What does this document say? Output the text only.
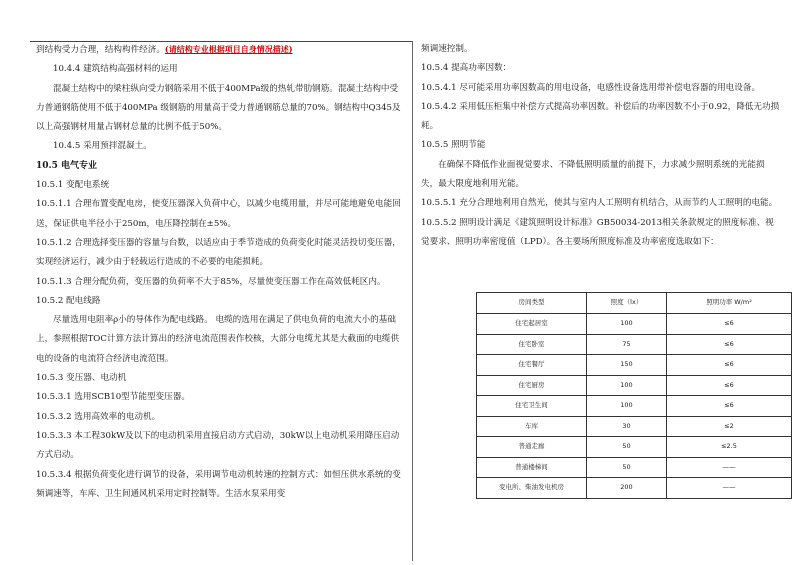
到结构受力合理，结构构件经济。(请结构专业根据项目自身情况描述)

10.4.4 建筑结构高强材料的运用

混凝土结构中的梁柱纵向受力钢筋采用不低于400MPa级的热轧带肋钢筋。混凝土结构中受力普通钢筋使用不低于400MPa 级钢筋的用量高于受力普通钢筋总量的70%。钢结构中Q345及以上高强钢材用量占钢材总量的比例不低于50%。

10.4.5 采用预拌混凝土。

10.5 电气专业

10.5.1 变配电系统

10.5.1.1 合理布置变配电房，使变压器深入负荷中心，以减少电缆用量，并尽可能地避免电能回送，保证供电半径小于250m，电压降控制在±5%。

10.5.1.2 合理选择变压器的容量与台数，以适应由于季节造成的负荷变化时能灵活投切变压器，实现经济运行，减少由于轻载运行造成的不必要的电能损耗。

10.5.1.3 合理分配负荷，变压器的负荷率不大于85%，尽量使变压器工作在高效低耗区内。

10.5.2 配电线路

尽量选用电阻率ρ小的导体作为配电线路。 电缆的选用在满足了供电负荷的电流大小的基础上，参照根据TOC计算方法计算出的经济电流范围表作校核，大部分电缆尤其是大截面的电缆供电的设备的电流符合经济电流范围。

10.5.3 变压器、电动机

10.5.3.1 选用SCB10型节能型变压器。

10.5.3.2 选用高效率的电动机。

10.5.3.3 本工程30kW及以下的电动机采用直接启动方式启动，30kW以上电动机采用降压启动方式启动。

10.5.3.4 根据负荷变化进行调节的设备，采用调节电动机转速的控制方式：如恒压供水系统的变频调速等，车库、卫生间通风机采用定时控制等。生活水泵采用变

频调速控制。

10.5.4 提高功率因数：

10.5.4.1 尽可能采用功率因数高的用电设备，电感性设备选用带补偿电容器的用电设备。

10.5.4.2 采用低压柜集中补偿方式提高功率因数。补偿后的功率因数不小于0.92，降低无功损耗。

10.5.5 照明节能

在确保不降低作业面视觉要求、不降低照明质量的前提下，力求减少照明系统的光能损失，最大限度地利用光能。

10.5.5.1 充分合理地利用自然光，使其与室内人工照明有机结合，从而节约人工照明的电能。

10.5.5.2 照明设计满足《建筑照明设计标准》GB50034-2013相关条款规定的照度标准、视觉要求、照明功率密度值（LPD）。各主要场所照度标准及功率密度选取如下：

房间类型	照度（lx）	照明功率 W/m²
住宅起居室	100	≤6
住宅卧室	75	≤6
住宅餐厅	150	≤6
住宅厨房	100	≤6
住宅卫生间	100	≤6
车库	30	≤2
普通走廊	50	≤2.5
普通楼梯间	50	——
变电所、柴油发电机房	200	——
